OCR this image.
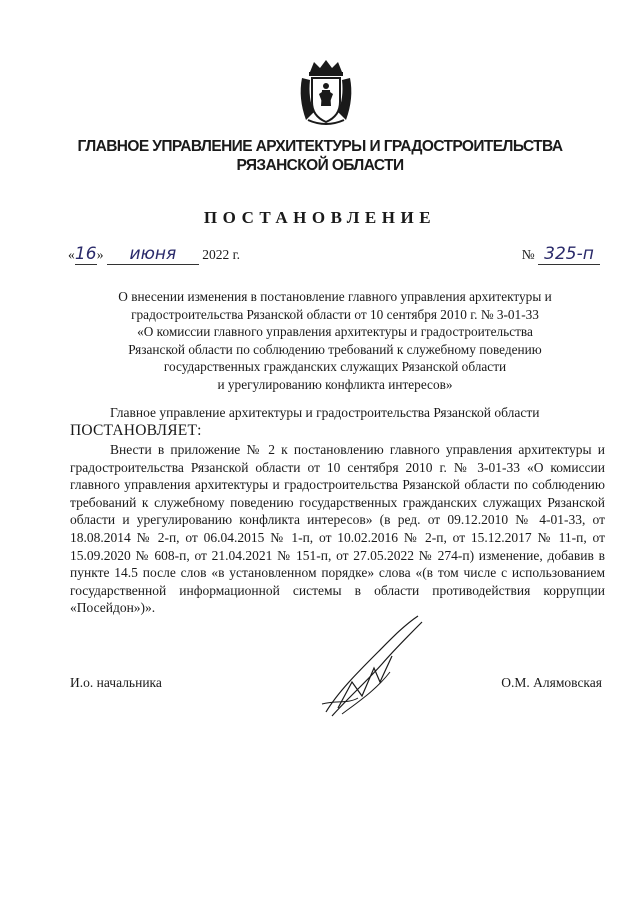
ГЛАВНОЕ УПРАВЛЕНИЕ АРХИТЕКТУРЫ И ГРАДОСТРОИТЕЛЬСТВА
РЯЗАНСКОЙ ОБЛАСТИ
ПОСТАНОВЛЕНИЕ
«16» июня 2022 г.	№ 325-п
О внесении изменения в постановление главного управления архитектуры и
градостроительства Рязанской области от 10 сентября 2010 г. № 3-01-33
«О комиссии главного управления архитектуры и градостроительства
Рязанской области по соблюдению требований к служебному поведению
государственных гражданских служащих Рязанской области
и урегулированию конфликта интересов»
Главное управление архитектуры и градостроительства Рязанской области
ПОСТАНОВЛЯЕТ:
Внести в приложение № 2 к постановлению главного управления архитектуры и градостроительства Рязанской области от 10 сентября 2010 г. № 3-01-33 «О комиссии главного управления архитектуры и градостроительства Рязанской области по соблюдению требований к служебному поведению государственных гражданских служащих Рязанской области и урегулированию конфликта интересов» (в ред. от 09.12.2010 № 4-01-33, от 18.08.2014 № 2-п, от 06.04.2015 № 1-п, от 10.02.2016 № 2-п, от 15.12.2017 № 11-п, от 15.09.2020 № 608-п, от 21.04.2021 № 151-п, от 27.05.2022 № 274-п) изменение, добавив в пункте 14.5 после слов «в установленном порядке» слова «(в том числе с использованием государственной информационной системы в области противодействия коррупции «Посейдон»)».
И.о. начальника	О.М. Алямовская
